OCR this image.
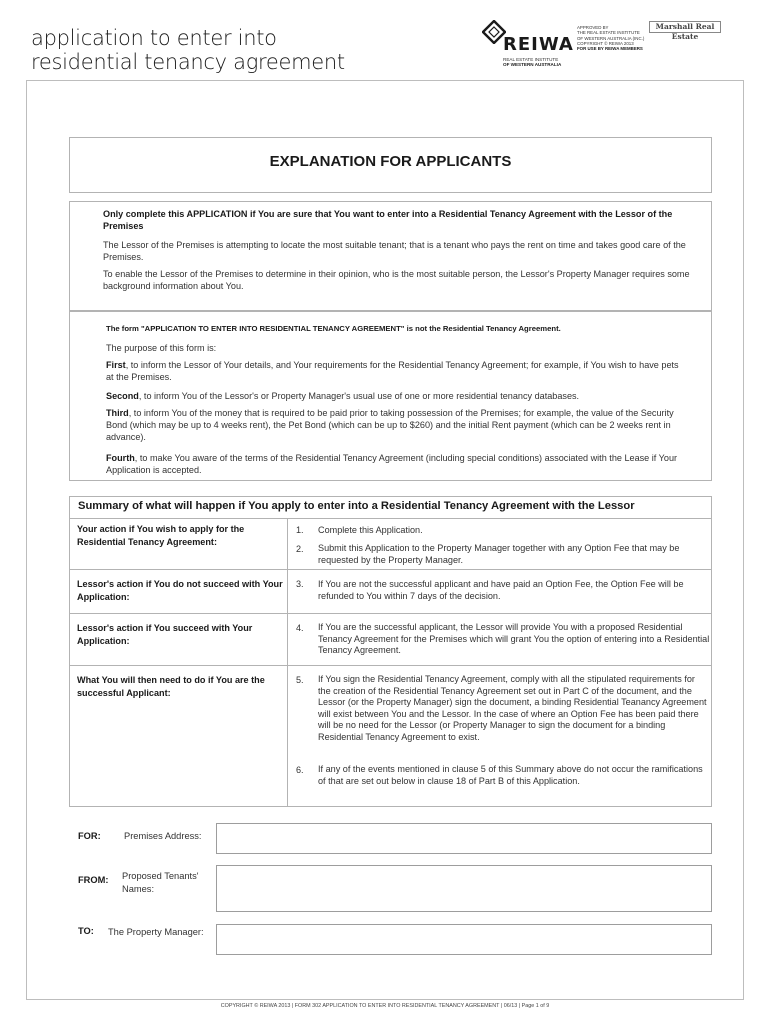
application to enter into
residential tenancy agreement
REIWA
REAL ESTATE INSTITUTE
OF WESTERN AUSTRALIA
APPROVED BY
THE REAL ESTATE INSTITUTE
OF WESTERN AUSTRALIA (INC.)
COPYRIGHT © REIWA 2013
FOR USE BY REIWA MEMBERS
Marshall Real Estate
EXPLANATION FOR APPLICANTS
Only complete this APPLICATION if You are sure that You want to enter into a Residential Tenancy Agreement with the Lessor of the Premises
The Lessor of the Premises is attempting to locate the most suitable tenant; that is a tenant who pays the rent on time and takes good care of the Premises.
To enable the Lessor of the Premises to determine in their opinion, who is the most suitable person, the Lessor's Property Manager requires some background information about You.
The form "APPLICATION TO ENTER INTO RESIDENTIAL TENANCY AGREEMENT" is not the Residential Tenancy Agreement.
The purpose of this form is:
First, to inform the Lessor of Your details, and Your requirements for the Residential Tenancy Agreement; for example, if You wish to have pets at the Premises.
Second, to inform You of the Lessor's or Property Manager's usual use of one or more residential tenancy databases.
Third, to inform You of the money that is required to be paid prior to taking possession of the Premises; for example, the value of the Security Bond (which may be up to 4 weeks rent), the Pet Bond (which can be up to $260) and the initial Rent payment (which can be 2 weeks rent in advance).
Fourth, to make You aware of the terms of the Residential Tenancy Agreement (including special conditions) associated with the Lease if Your Application is accepted.
Summary of what will happen if You apply to enter into a Residential Tenancy Agreement with the Lessor
Your action if You wish to apply for the Residential Tenancy Agreement:
1. Complete this Application.
2. Submit this Application to the Property Manager together with any Option Fee that may be requested by the Property Manager.
Lessor's action if You do not succeed with Your Application:
3. If You are not the successful applicant and have paid an Option Fee, the Option Fee will be refunded to You within 7 days of the decision.
Lessor's action if You succeed with Your Application:
4. If You are the successful applicant, the Lessor will provide You with a proposed Residential Tenancy Agreement for the Premises which will grant You the option of entering into a Residential Tenancy Agreement.
What You will then need to do if You are the successful Applicant:
5. If You sign the Residential Tenancy Agreement, comply with all the stipulated requirements for the creation of the Residential Tenancy Agreement set out in Part C of the document, and the Lessor (or the Property Manager) sign the document, a binding Residential Teanancy Agreement will exist between You and the Lessor. In the case of where an Option Fee has been paid there will be no need for the Lessor (or Property Manager to sign the document for a binding Residential Tenancy Agreement to exist.
6. If any of the events mentioned in clause 5 of this Summary above do not occur the ramifications of that are set out below in clause 18 of Part B of this Application.
FOR:	Premises Address:
FROM: Proposed Tenants' Names:
TO: The Property Manager:
COPYRIGHT © REIWA 2013 | FORM 302 APPLICATION TO ENTER INTO RESIDENTIAL TENANCY AGREEMENT | 06/13 | Page 1 of 9
